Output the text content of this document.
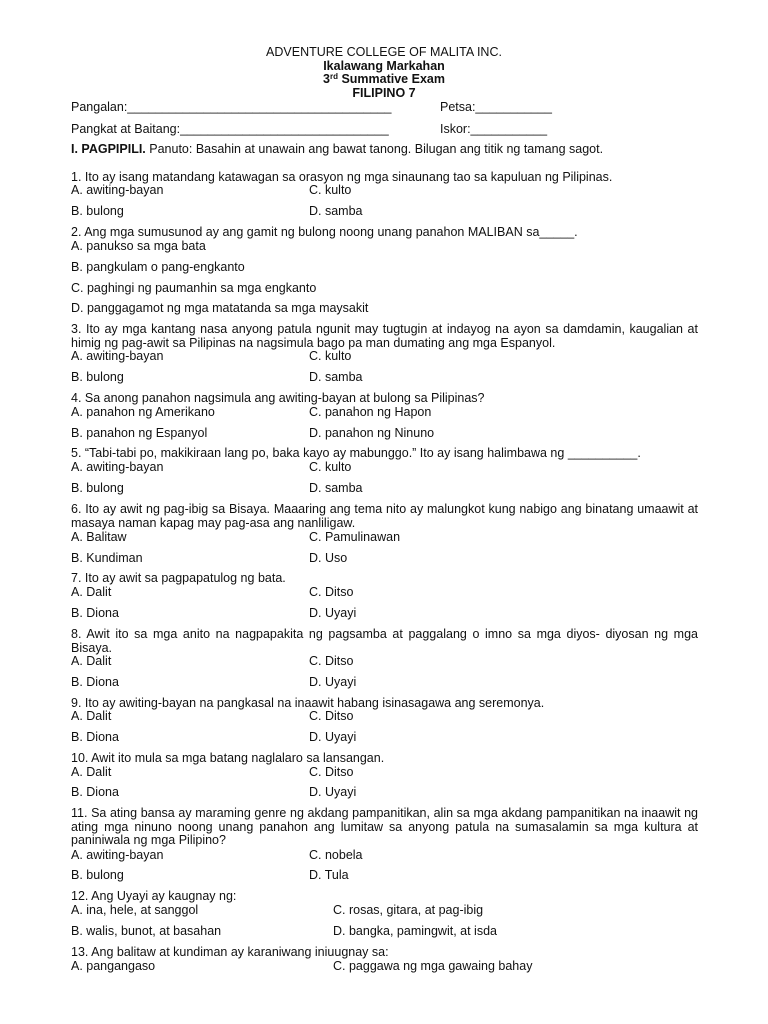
ADVENTURE COLLEGE OF MALITA INC.
Ikalawang Markahan
3rd Summative Exam
FILIPINO 7
Pangalan:______________________________________	Petsa:___________
Pangkat at Baitang:______________________________	Iskor:___________
I. PAGPIPILI. Panuto: Basahin at unawain ang bawat tanong. Bilugan ang titik ng tamang sagot.
1. Ito ay isang matandang katawagan sa orasyon ng mga sinaunang tao sa kapuluan ng Pilipinas.
A. awiting-bayan	C. kulto
B. bulong	D. samba
2. Ang mga sumusunod ay ang gamit ng bulong noong unang panahon MALIBAN sa_____.
A. panukso sa mga bata
B. pangkulam o pang-engkanto
C. paghingi ng paumanhin sa mga engkanto
D. panggagamot ng mga matatanda sa mga maysakit
3. Ito ay mga kantang nasa anyong patula ngunit may tugtugin at indayog na ayon sa damdamin, kaugalian at himig ng pag-awit sa Pilipinas na nagsimula bago pa man dumating ang mga Espanyol.
A. awiting-bayan	C. kulto
B. bulong	D. samba
4. Sa anong panahon nagsimula ang awiting-bayan at bulong sa Pilipinas?
A. panahon ng Amerikano	C. panahon ng Hapon
B. panahon ng Espanyol	D. panahon ng Ninuno
5. “Tabi-tabi po, makikiraan lang po, baka kayo ay mabunggo.” Ito ay isang halimbawa ng __________.
A. awiting-bayan	C. kulto
B. bulong	D. samba
6. Ito ay awit ng pag-ibig sa Bisaya. Maaaring ang tema nito ay malungkot kung nabigo ang binatang umaawit at masaya naman kapag may pag-asa ang nanliligaw.
A. Balitaw	C. Pamulinawan
B. Kundiman	D. Uso
7. Ito ay awit sa pagpapatulog ng bata.
A. Dalit	C. Ditso
B. Diona	D. Uyayi
8. Awit ito sa mga anito na nagpapakita ng pagsamba at paggalang o imno sa mga diyos- diyosan ng mga Bisaya.
A. Dalit	C. Ditso
B. Diona	D. Uyayi
9. Ito ay awiting-bayan na pangkasal na inaawit habang isinasagawa ang seremonya.
A. Dalit	C. Ditso
B. Diona	D. Uyayi
10. Awit ito mula sa mga batang naglalaro sa lansangan.
A. Dalit	C. Ditso
B. Diona	D. Uyayi
11. Sa ating bansa ay maraming genre ng akdang pampanitikan, alin sa mga akdang pampanitikan na inaawit ng ating mga ninuno noong unang panahon ang lumitaw sa anyong patula na sumasalamin sa mga kultura at paniniwala ng mga Pilipino?
A. awiting-bayan	C. nobela
B. bulong	D. Tula
12. Ang Uyayi ay kaugnay ng:
A. ina, hele, at sanggol	C. rosas, gitara, at pag-ibig
B. walis, bunot, at basahan	D. bangka, pamingwit, at isda
13. Ang balitaw at kundiman ay karaniwang iniuugnay sa:
A. pangangaso	C. paggawa ng mga gawaing bahay
